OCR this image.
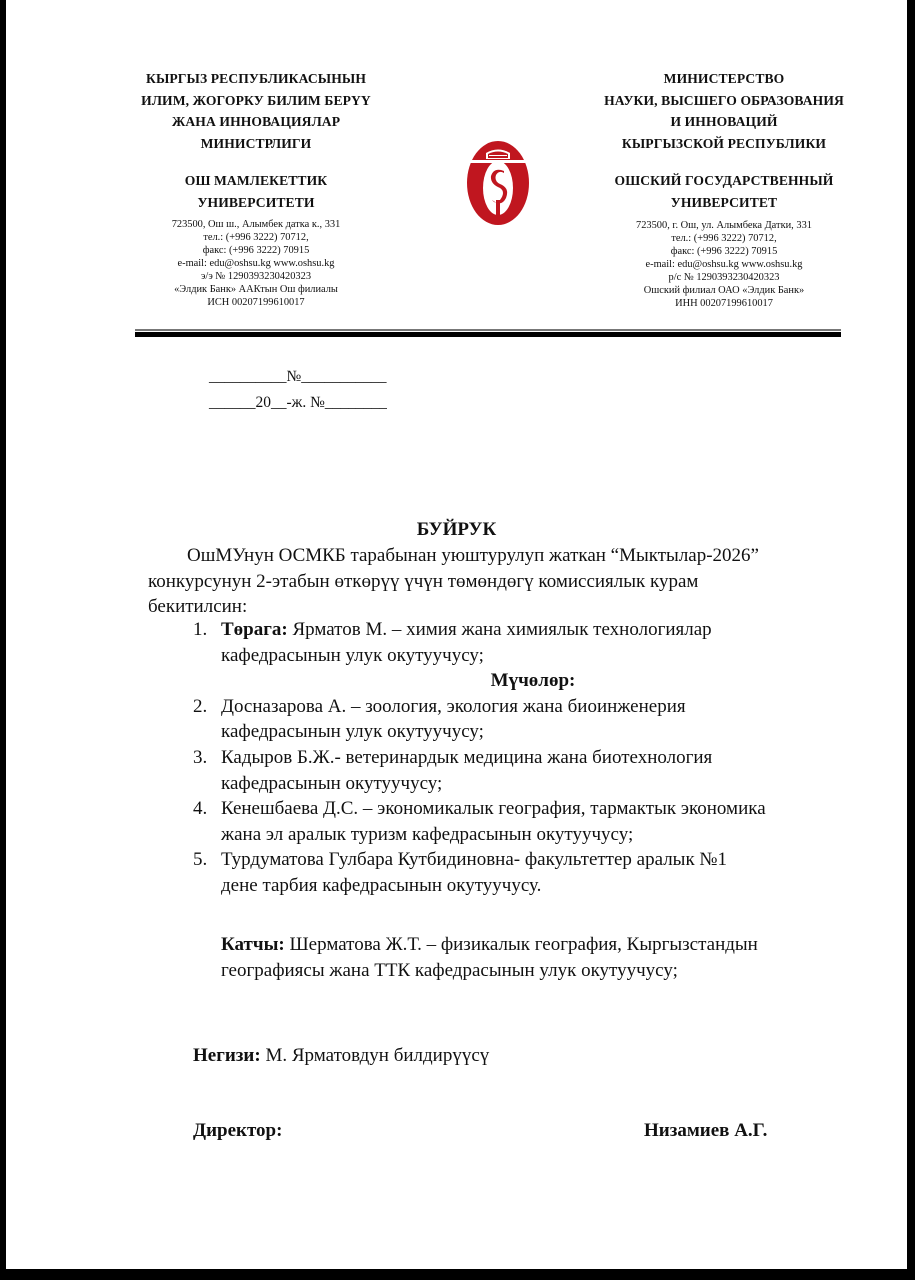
КЫРГЫЗ РЕСПУБЛИКАСЫНЫН
ИЛИМ, ЖОГОРКУ БИЛИМ БЕРҮҮ
ЖАНА ИННОВАЦИЯЛАР
МИНИСТРЛИГИ
ОШ МАМЛЕКЕТТИК
УНИВЕРСИТЕТИ
723500, Ош ш., Алымбек датка к., 331
тел.: (+996 3222) 70712,
факс: (+996 3222) 70915
e-mail: edu@oshsu.kg www.oshsu.kg
э/э № 1290393230420323
«Элдик Банк» ААКтын Ош филиалы
ИСН 00207199610017
МИНИСТЕРСТВО
НАУКИ, ВЫСШЕГО ОБРАЗОВАНИЯ
И ИННОВАЦИЙ
КЫРГЫЗСКОЙ РЕСПУБЛИКИ
ОШСКИЙ ГОСУДАРСТВЕННЫЙ
УНИВЕРСИТЕТ
723500, г. Ош, ул. Алымбека Датки, 331
тел.: (+996 3222) 70712,
факс: (+996 3222) 70915
e-mail: edu@oshsu.kg www.oshsu.kg
р/с № 1290393230420323
Ошский филиал ОАО «Элдик Банк»
ИНН 00207199610017
__________№___________
______20__-ж. №________
БУЙРУК

ОшМУнун ОСМКБ тарабынан уюштурулуп жаткан “Мыктылар-2026”

конкурсунун 2-этабын өткөрүү үчүн төмөндөгү комиссиялык курам

бекитилсин:

1. Төрага: Ярматов М. – химия жана химиялык технологиялар
кафедрасынын улук окутуучусу;
Мүчөлөр:
2. Досназарова А. – зоология, экология жана биоинженерия
кафедрасынын улук окутуучусу;
3. Кадыров Б.Ж.- ветеринардык медицина жана биотехнология
кафедрасынын окутуучусу;
4. Кенешбаева Д.С. – экономикалык география, тармактык экономика
жана эл аралык туризм кафедрасынын окутуучусу;
5. Турдуматова Гулбара Кутбидиновна- факультеттер аралык №1
дене тарбия кафедрасынын окутуучусу.
Катчы: Шерматова Ж.Т. – физикалык география, Кыргызстандын
географиясы жана ТТК кафедрасынын улук окутуучусу;
Негизи: М. Ярматовдун билдирүүсү
Директор:	Низамиев А.Г.
